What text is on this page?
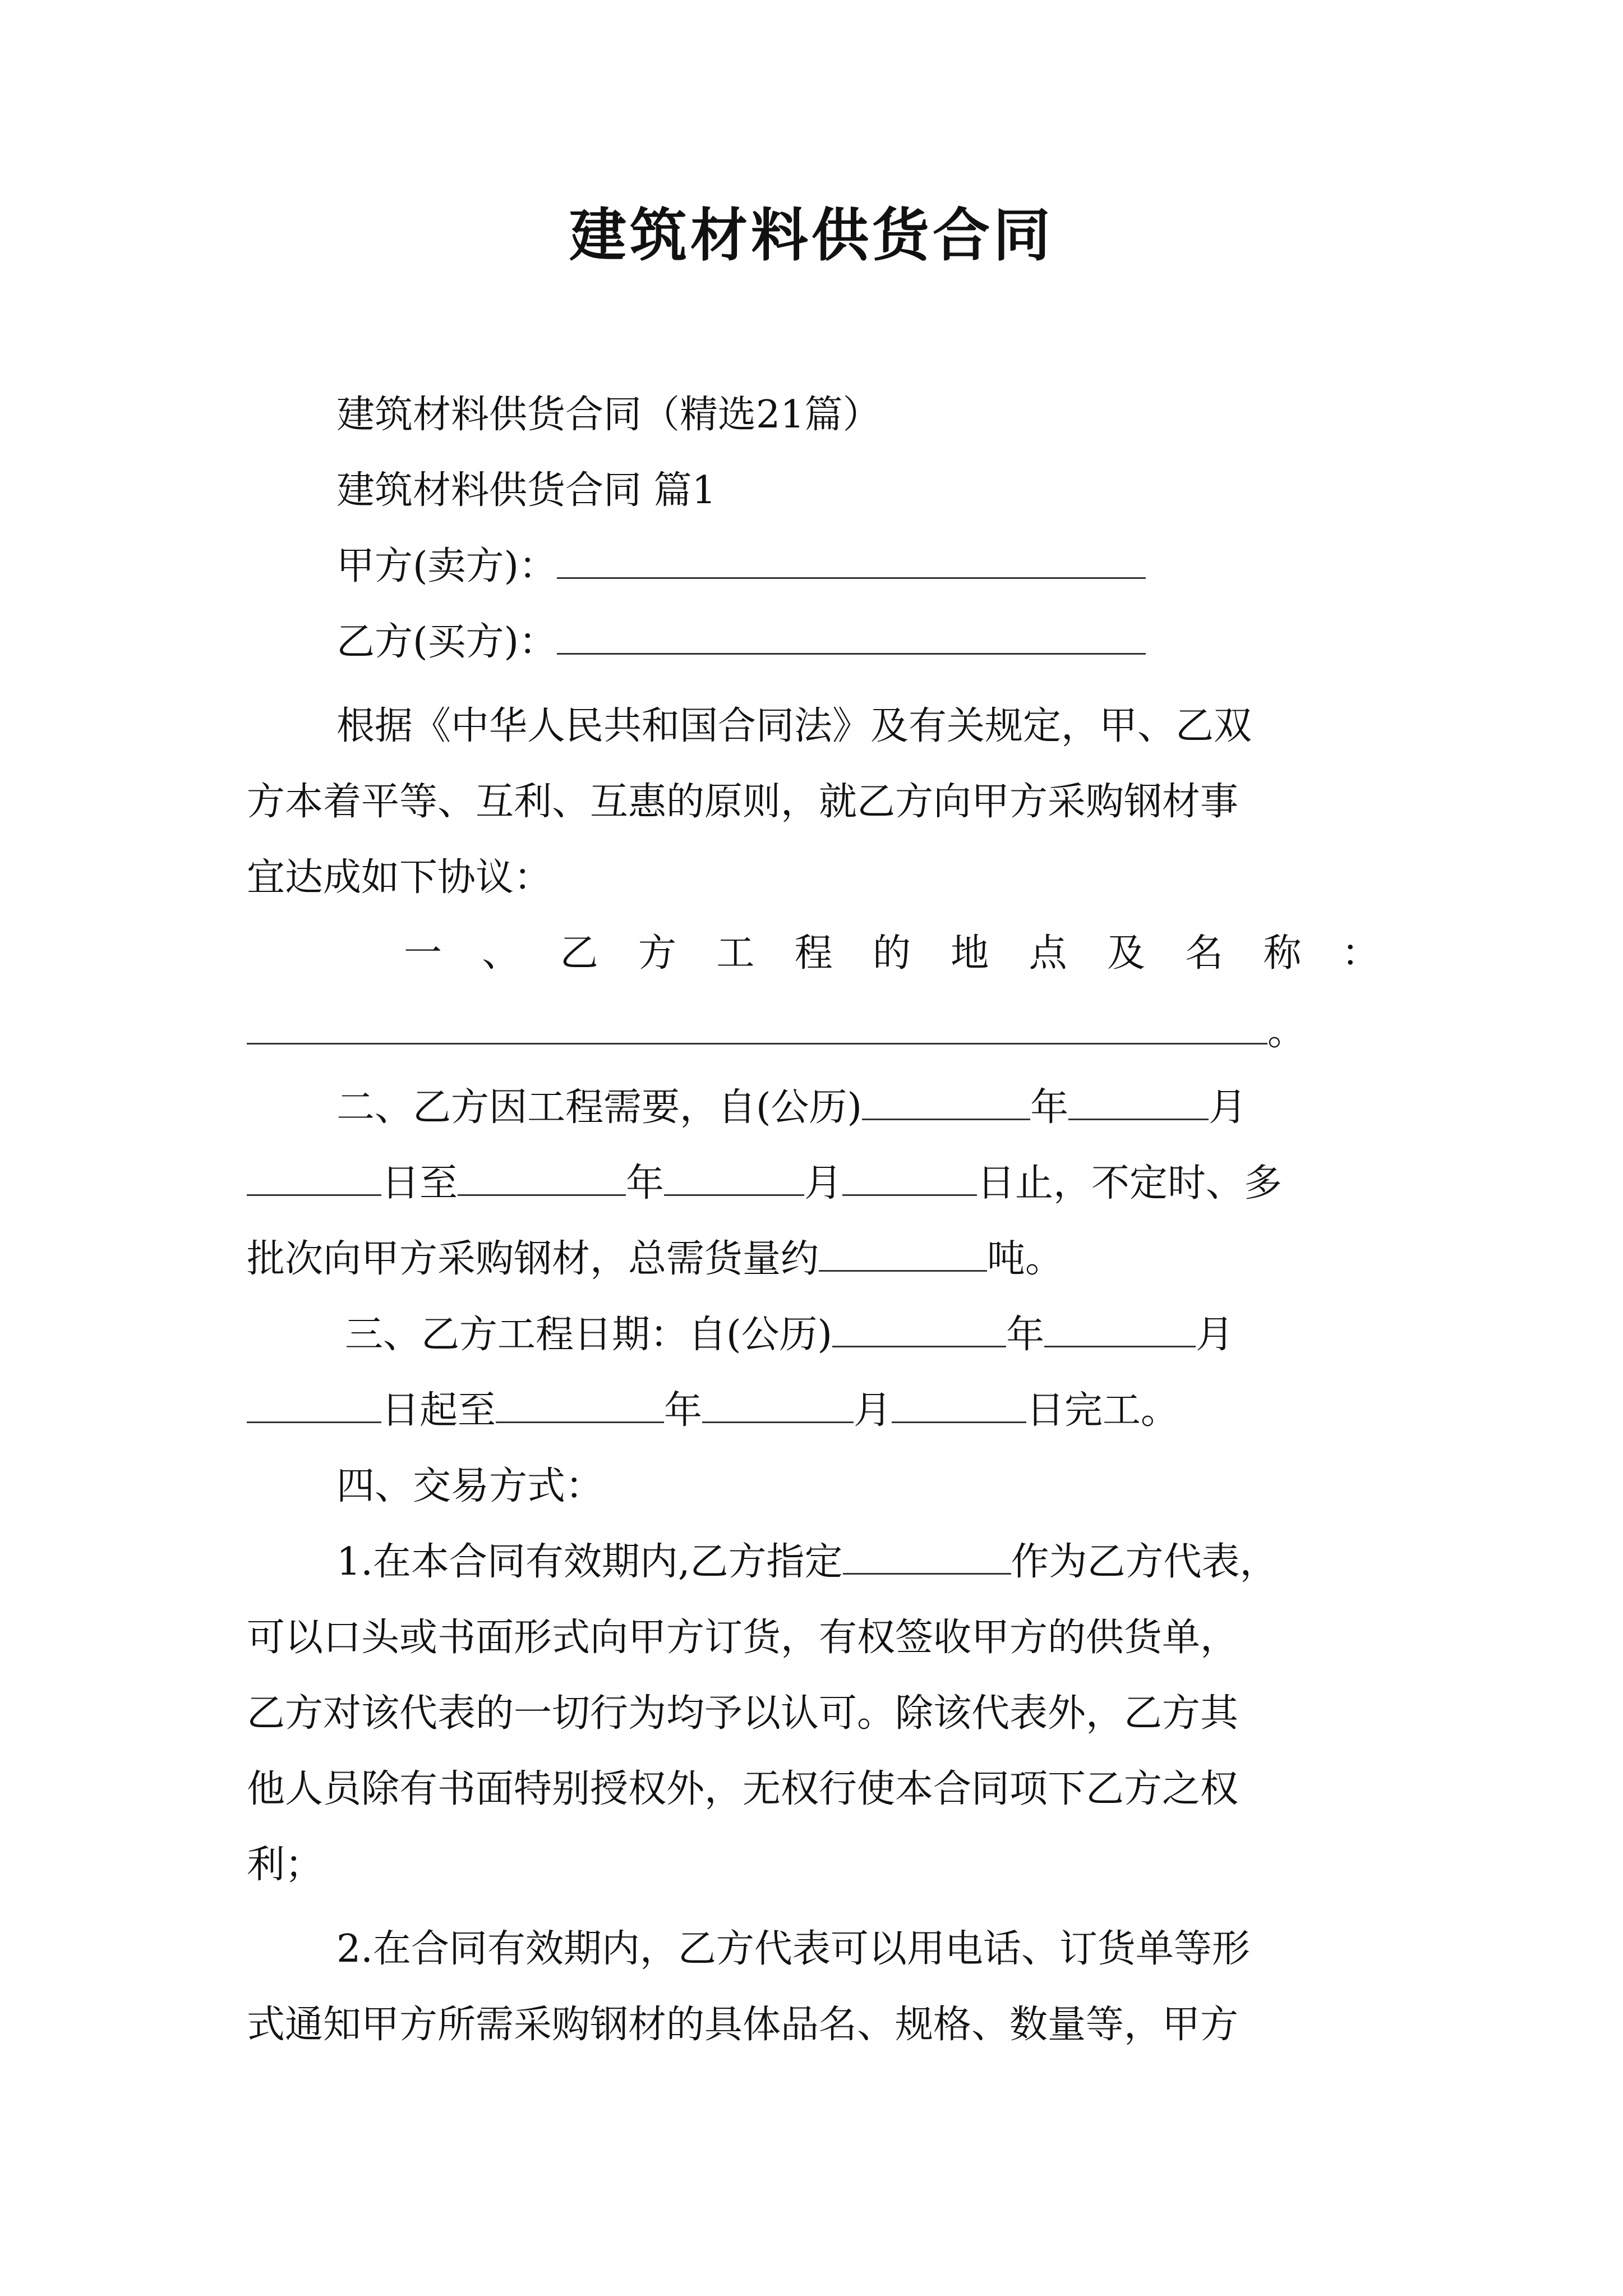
建筑材料供货合同
建筑材料供货合同（精选21篇）
建筑材料供货合同 篇1
甲方(卖方)：
乙方(买方)：
根据《中华人民共和国合同法》及有关规定，甲、乙双
方本着平等、互利、互惠的原则，就乙方向甲方采购钢材事
宜达成如下协议：
一 、 乙 方 工 程 的 地 点 及 名 称 ：
。
二、乙方因工程需要，自(公历)	年	月
日至	年	月	日止，不定时、多
批次向甲方采购钢材，总需货量约	吨。
三、乙方工程日期：自(公历)	年	月
日起至	年	月	日完工。
四、交易方式：
1.在本合同有效期内,乙方指定	作为乙方代表，
可以口头或书面形式向甲方订货，有权签收甲方的供货单，
乙方对该代表的一切行为均予以认可。除该代表外，乙方其
他人员除有书面特别授权外，无权行使本合同项下乙方之权
利；
2.在合同有效期内，乙方代表可以用电话、订货单等形
式通知甲方所需采购钢材的具体品名、规格、数量等，甲方
